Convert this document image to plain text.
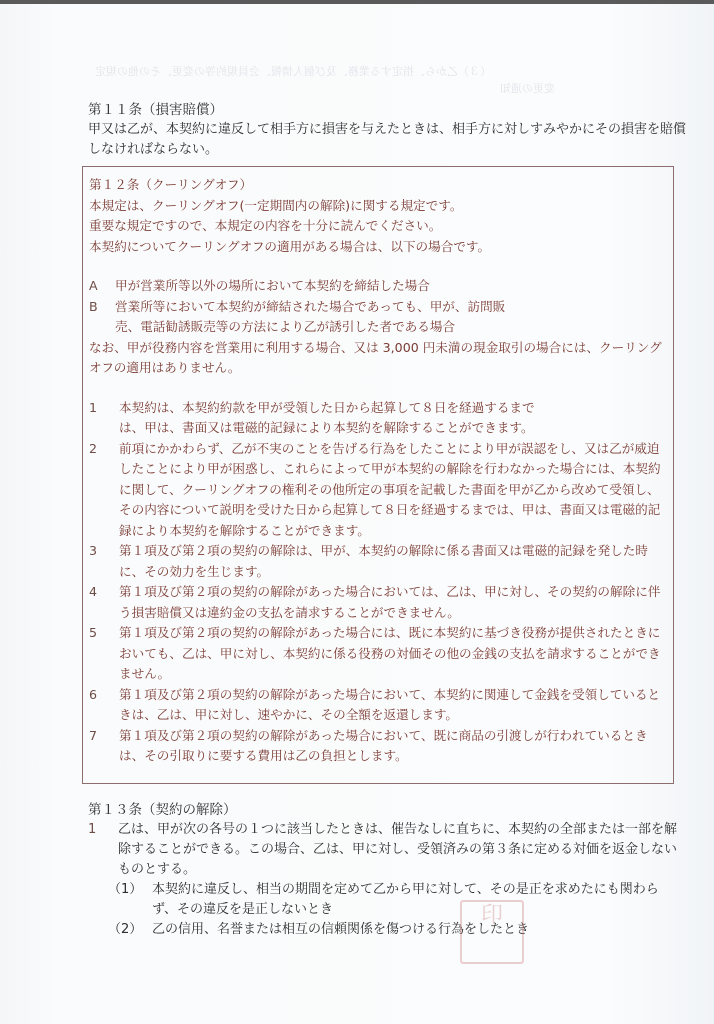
（３）乙から、指定する業務、及び個人情報、会員規約等の変更、その他の規定
変更の通知

第１１条（損害賠償）

甲又は乙が、本契約に違反して相手方に損害を与えたときは、相手方に対しすみやかにその損害を賠償しなければならない。

第１２条（クーリングオフ）

本規定は、クーリングオフ(一定期間内の解除)に関する規定です。

重要な規定ですので、本規定の内容を十分に読んでください。

本契約についてクーリングオフの適用がある場合は、以下の場合です。

A	甲が営業所等以外の場所において本契約を締結した場合
B	営業所等において本契約が締結された場合であっても、甲が、訪問販売、電話勧誘販売等の方法により乙が誘引した者である場合
なお、甲が役務内容を営業用に利用する場合、又は 3,000 円未満の現金取引の場合には、クーリングオフの適用はありません。
1	本契約は、本契約約款を甲が受領した日から起算して８日を経過するまでは、甲は、書面又は電磁的記録により本契約を解除することができます。
2	前項にかかわらず、乙が不実のことを告げる行為をしたことにより甲が誤認をし、又は乙が威迫したことにより甲が困惑し、これらによって甲が本契約の解除を行わなかった場合には、本契約に関して、クーリングオフの権利その他所定の事項を記載した書面を甲が乙から改めて受領し、その内容について説明を受けた日から起算して８日を経過するまでは、甲は、書面又は電磁的記録により本契約を解除することができます。
3	第１項及び第２項の契約の解除は、甲が、本契約の解除に係る書面又は電磁的記録を発した時に、その効力を生じます。
4	第１項及び第２項の契約の解除があった場合においては、乙は、甲に対し、その契約の解除に伴う損害賠償又は違約金の支払を請求することができません。
5	第１項及び第２項の契約の解除があった場合には、既に本契約に基づき役務が提供されたときにおいても、乙は、甲に対し、本契約に係る役務の対価その他の金銭の支払を請求することができません。
6	第１項及び第２項の契約の解除があった場合において、本契約に関連して金銭を受領しているときは、乙は、甲に対し、速やかに、その全額を返還します。
7	第１項及び第２項の契約の解除があった場合において、既に商品の引渡しが行われているときは、その引取りに要する費用は乙の負担とします。

第１３条（契約の解除）

1	乙は、甲が次の各号の１つに該当したときは、催告なしに直ちに、本契約の全部または一部を解除することができる。この場合、乙は、甲に対し、受領済みの第３条に定める対価を返金しないものとする。
（1） 本契約に違反し、相当の期間を定めて乙から甲に対して、その是正を求めたにも関わらず、その違反を是正しないとき
（2） 乙の信用、名誉または相互の信頼関係を傷つける行為をしたとき
印
